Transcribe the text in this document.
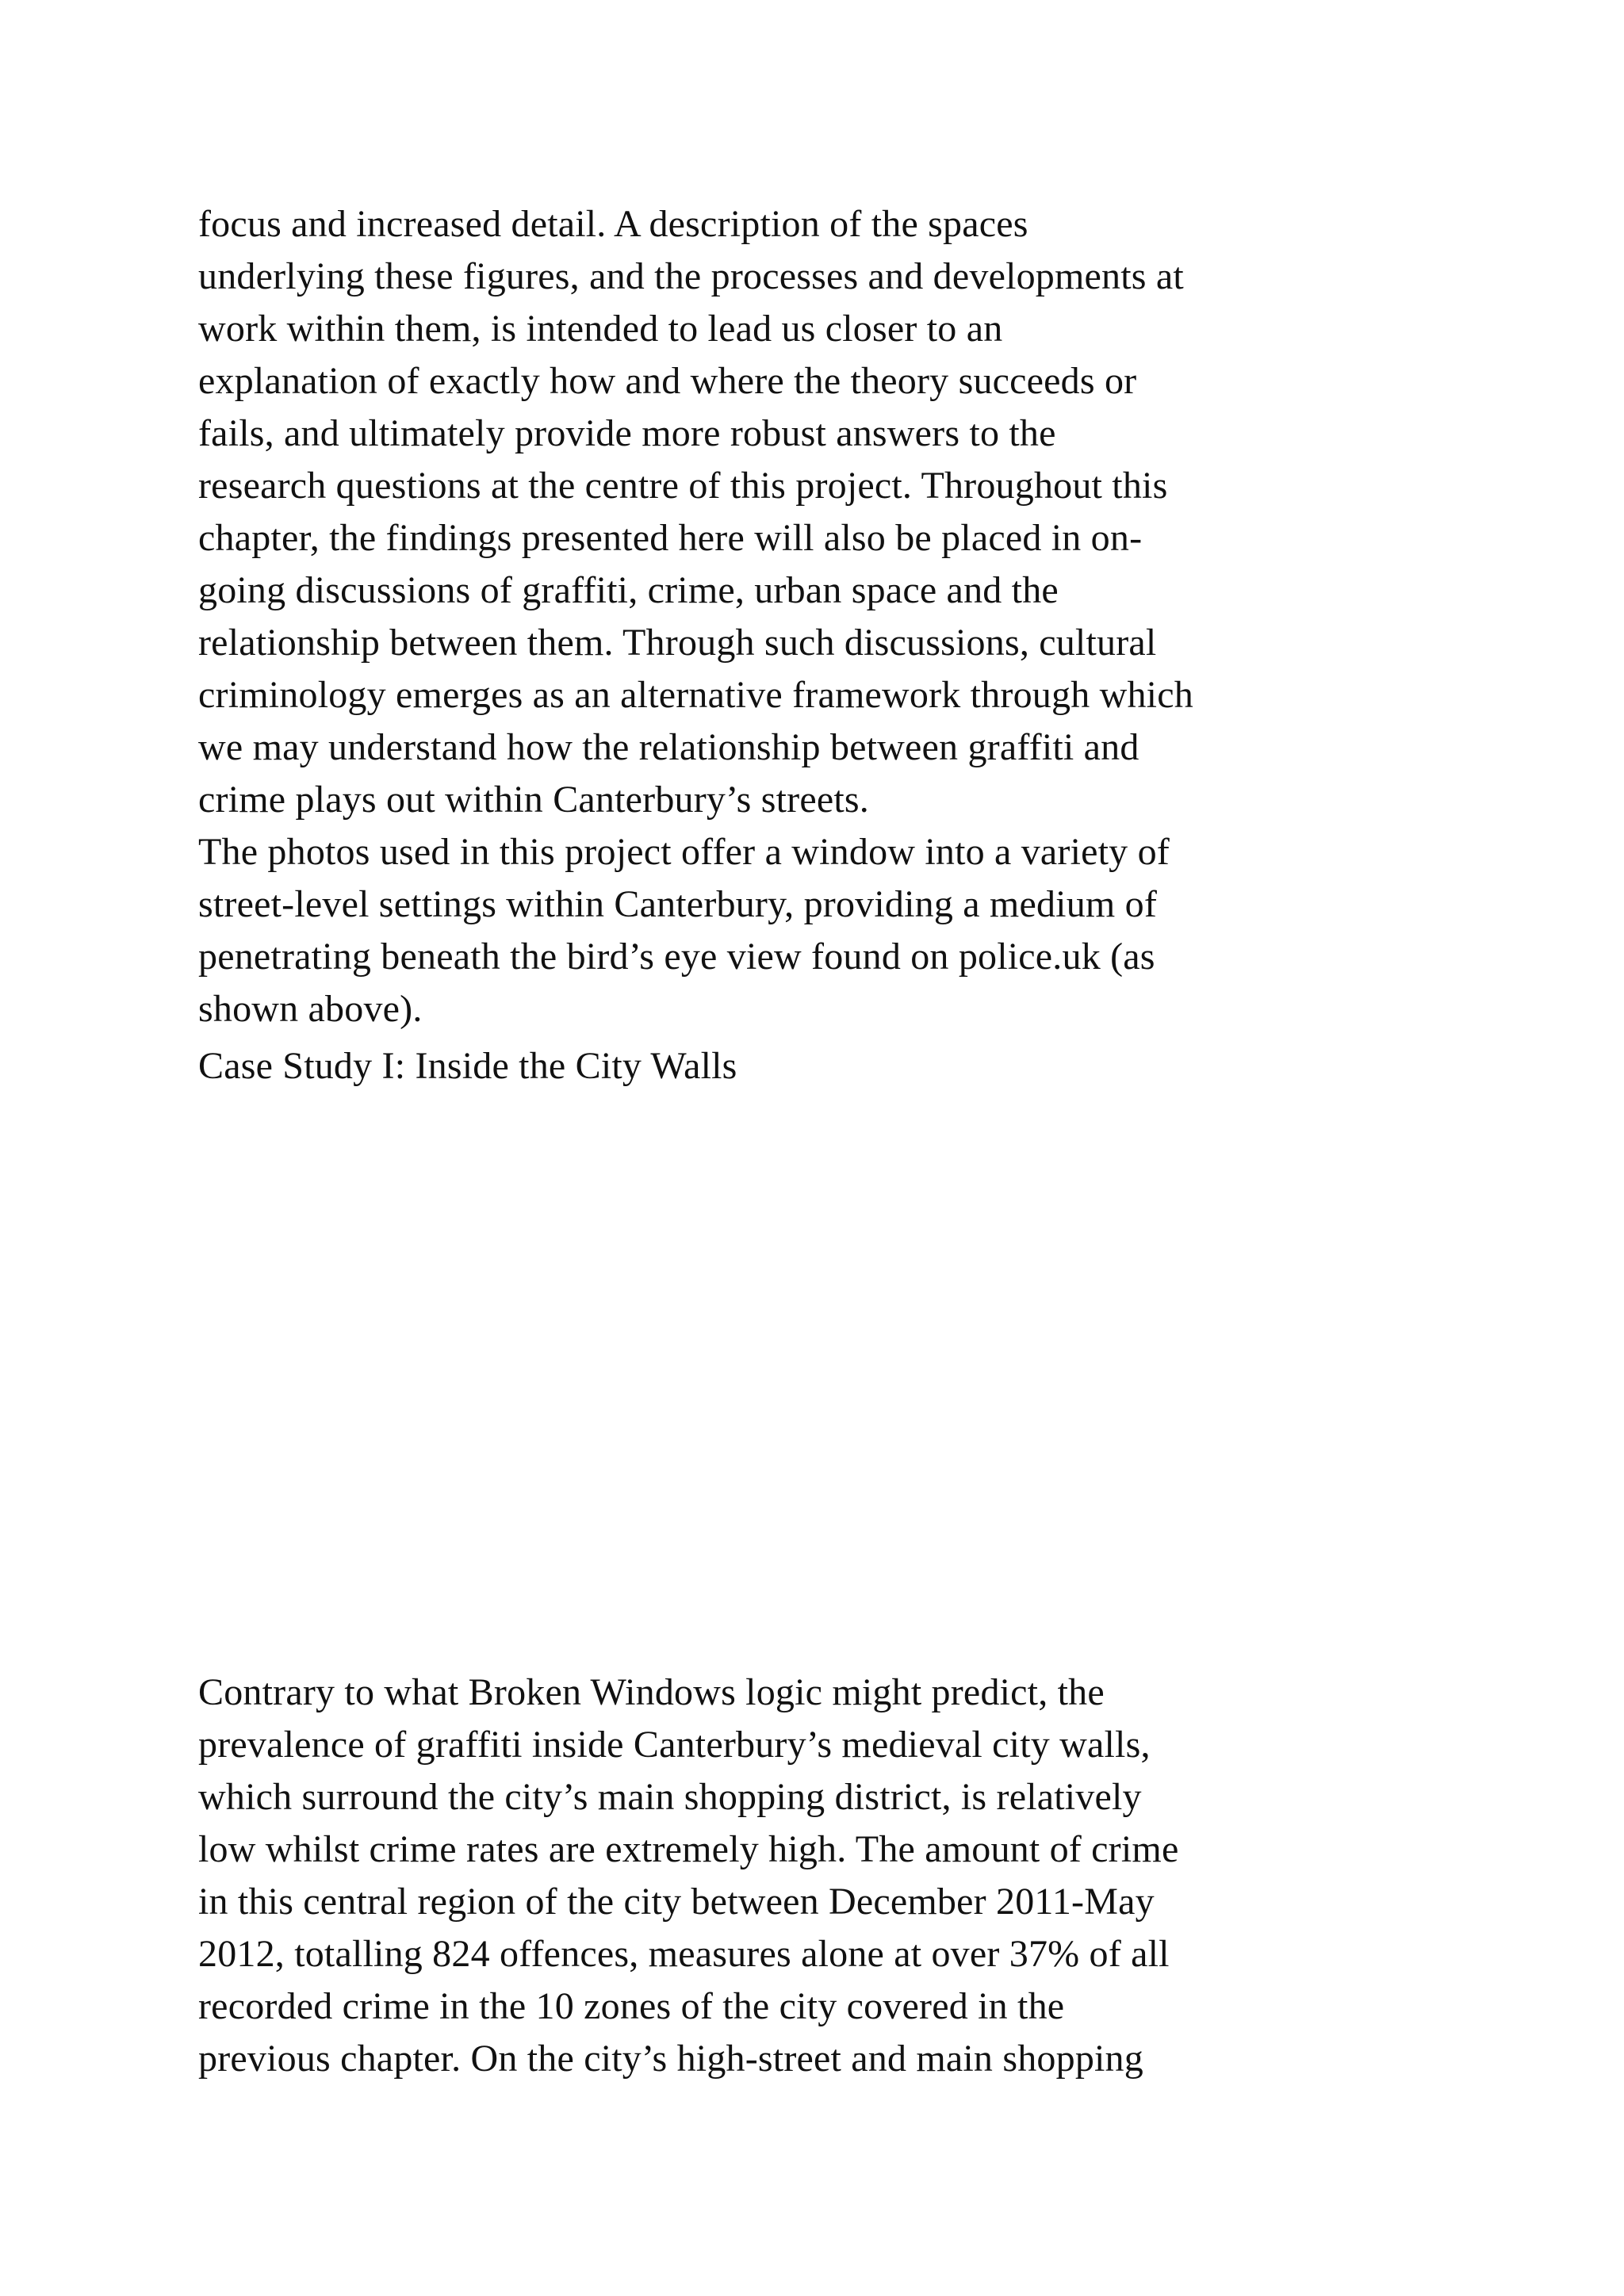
focus and increased detail. A description of the spaces
underlying these figures, and the processes and developments at
work within them, is intended to lead us closer to an
explanation of exactly how and where the theory succeeds or
fails, and ultimately provide more robust answers to the
research questions at the centre of this project. Throughout this
chapter, the findings presented here will also be placed in on-
going discussions of graffiti, crime, urban space and the
relationship between them. Through such discussions, cultural
criminology emerges as an alternative framework through which
we may understand how the relationship between graffiti and
crime plays out within Canterbury’s streets.
The photos used in this project offer a window into a variety of
street-level settings within Canterbury, providing a medium of
penetrating beneath the bird’s eye view found on police.uk (as
shown above).

Case Study I: Inside the City Walls

Contrary to what Broken Windows logic might predict, the
prevalence of graffiti inside Canterbury’s medieval city walls,
which surround the city’s main shopping district, is relatively
low whilst crime rates are extremely high. The amount of crime
in this central region of the city between December 2011-May
2012, totalling 824 offences, measures alone at over 37% of all
recorded crime in the 10 zones of the city covered in the
previous chapter. On the city’s high-street and main shopping
